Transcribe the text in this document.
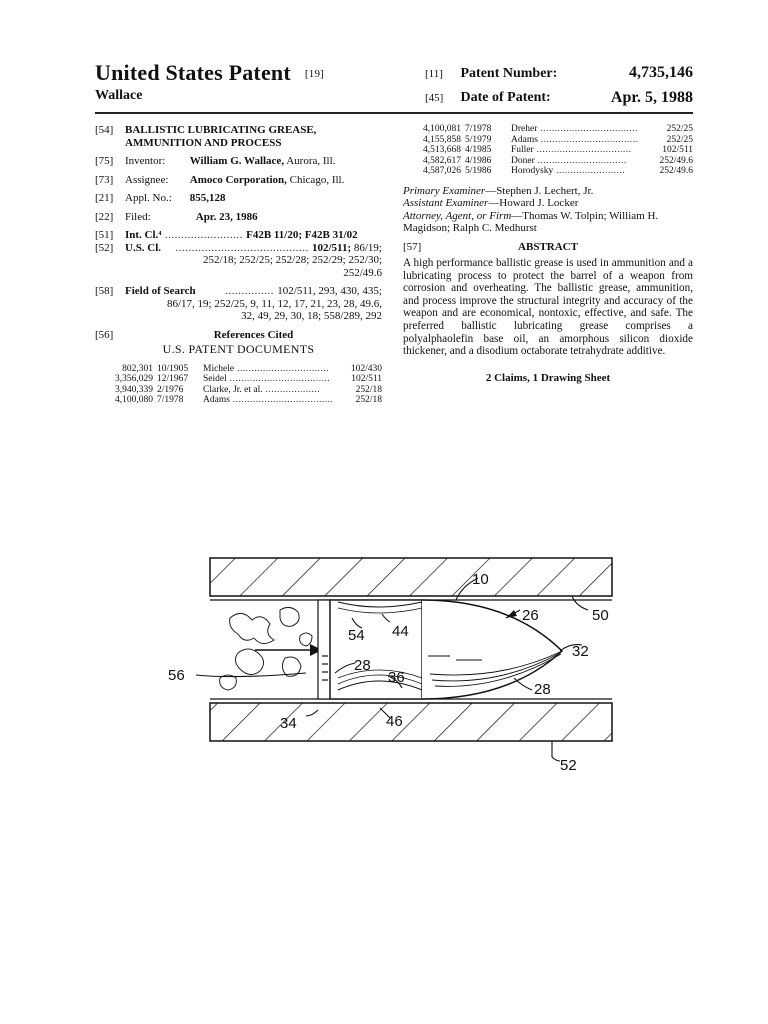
United States Patent [19]
Wallace
[11] Patent Number:	4,735,146
[45] Date of Patent:	Apr. 5, 1988
[54] BALLISTIC LUBRICATING GREASE,
AMMUNITION AND PROCESS
[75] Inventor: William G. Wallace, Aurora, Ill.
[73] Assignee: Amoco Corporation, Chicago, Ill.
[21] Appl. No.: 855,128
[22] Filed:	Apr. 23, 1986
[51] Int. Cl.⁴ ........................ F42B 11/20; F42B 31/02
[52] U.S. Cl. ......................................... 102/511; 86/19;
252/18; 252/25; 252/28; 252/29; 252/30;
252/49.6
[58] Field of Search	............... 102/511, 293, 430, 435;
86/17, 19; 252/25, 9, 11, 12, 17, 21, 23, 28, 49.6,
32, 49, 29, 30, 18; 558/289, 292
[56]	References Cited
U.S. PATENT DOCUMENTS
802,301	10/1905	Michele ................................	102/430
3,356,029	12/1967	Seidel ...................................	102/511
3,940,339	2/1976	Clarke, Jr. et al. ...................	252/18
4,100,080	7/1978	Adams ...................................	252/18
4,100,081	7/1978	Dreher ..................................	252/25
4,155,858	5/1979	Adams ..................................	252/25
4,513,668	4/1985	Fuller .................................	102/511
4,582,617	4/1986	Doner ...............................	252/49.6
4,587,026	5/1986	Horodysky ........................	252/49.6

Primary Examiner—Stephen J. Lechert, Jr.

Assistant Examiner—Howard J. Locker

Attorney, Agent, or Firm—Thomas W. Tolpin; William H. Magidson; Ralph C. Medhurst

[57]	ABSTRACT
A high performance ballistic grease is used in ammunition and a lubricating process to protect the barrel of a weapon from corrosion and overheating. The ballistic grease, ammunition, and process improve the structural integrity and accuracy of the weapon and are economical, nontoxic, effective, and safe. The preferred ballistic lubricating grease comprises a polyalphaolefin base oil, an amorphous silicon dioxide thickener, and a disodium octaborate tetrahydrate additive.
2 Claims, 1 Drawing Sheet
10
26	50
54 44
32
56
28
36
28
34	46
52
